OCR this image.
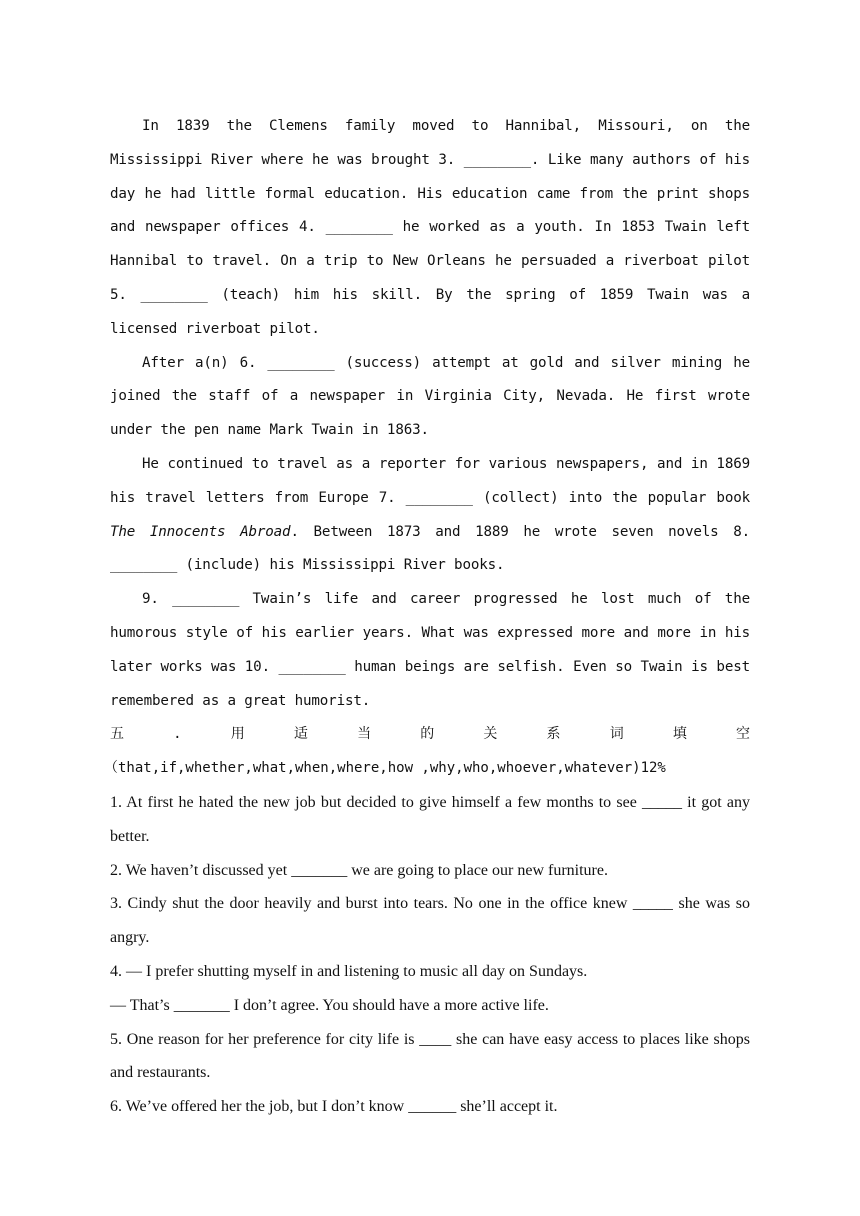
In 1839 the Clemens family moved to Hannibal, Missouri, on the Mississippi River where he was brought 3. ________. Like many authors of his day he had little formal education. His education came from the print shops and newspaper offices 4. ________ he worked as a youth. In 1853 Twain left Hannibal to travel. On a trip to New Orleans he persuaded a riverboat pilot 5. ________ (teach) him his skill. By the spring of 1859 Twain was a licensed riverboat pilot.

After a(n) 6. ________ (success) attempt at gold and silver mining he joined the staff of a newspaper in Virginia City, Nevada. He first wrote under the pen name Mark Twain in 1863.

He continued to travel as a reporter for various newspapers, and in 1869 his travel letters from Europe 7. ________ (collect) into the popular book The Innocents Abroad. Between 1873 and 1889 he wrote seven novels 8. ________ (include) his Mississippi River books.

9. ________ Twain’s life and career progressed he lost much of the humorous style of his earlier years. What was expressed more and more in his later works was 10. ________ human beings are selfish. Even so Twain is best remembered as a great humorist.

五	.	用	适	当	的	关	系	词	填	空
（that,if,whether,what,when,where,how ,why,who,whoever,whatever)12%

1. At first he hated the new job but decided to give himself a few months to see _____ it got any better.

2. We haven’t discussed yet _______ we are going to place our new furniture.

3. Cindy shut the door heavily and burst into tears. No one in the office knew _____ she was so angry.

4. — I prefer shutting myself in and listening to music all day on Sundays.

— That’s _______ I don’t agree. You should have a more active life.

5. One reason for her preference for city life is ____ she can have easy access to places like shops and restaurants.

6. We’ve offered her the job, but I don’t know ______ she’ll accept it.
